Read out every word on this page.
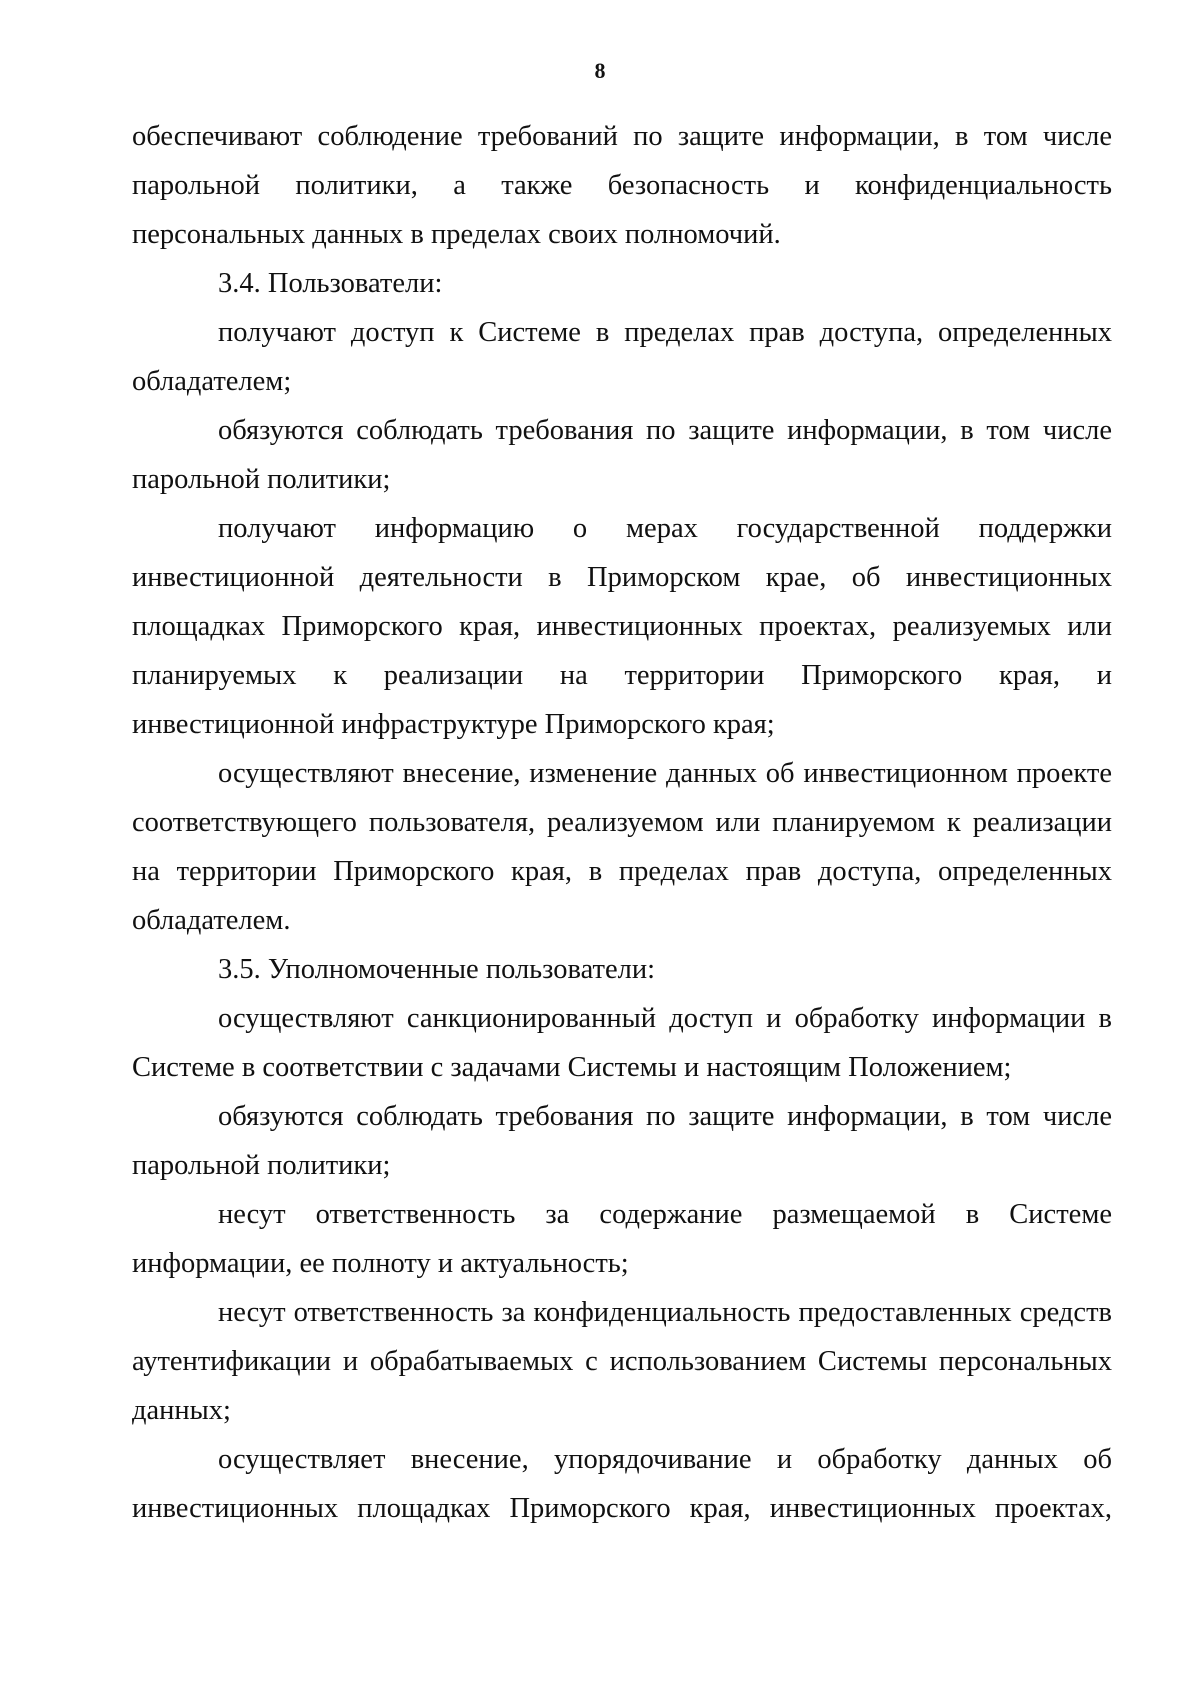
8

обеспечивают соблюдение требований по защите информации, в том числе парольной политики, а также безопасность и конфиденциальность персональных данных в пределах своих полномочий.

3.4. Пользователи:

получают доступ к Системе в пределах прав доступа, определенных обладателем;

обязуются соблюдать требования по защите информации, в том числе парольной политики;

получают информацию о мерах государственной поддержки инвестиционной деятельности в Приморском крае, об инвестиционных площадках Приморского края, инвестиционных проектах, реализуемых или планируемых к реализации на территории Приморского края, и инвестиционной инфраструктуре Приморского края;

осуществляют внесение, изменение данных об инвестиционном проекте соответствующего пользователя, реализуемом или планируемом к реализации на территории Приморского края, в пределах прав доступа, определенных обладателем.

3.5. Уполномоченные пользователи:

осуществляют санкционированный доступ и обработку информации в Системе в соответствии с задачами Системы и настоящим Положением;

обязуются соблюдать требования по защите информации, в том числе парольной политики;

несут ответственность за содержание размещаемой в Системе информации, ее полноту и актуальность;

несут ответственность за конфиденциальность предоставленных средств аутентификации и обрабатываемых с использованием Системы персональных данных;

осуществляет внесение, упорядочивание и обработку данных об инвестиционных площадках Приморского края, инвестиционных проектах,
